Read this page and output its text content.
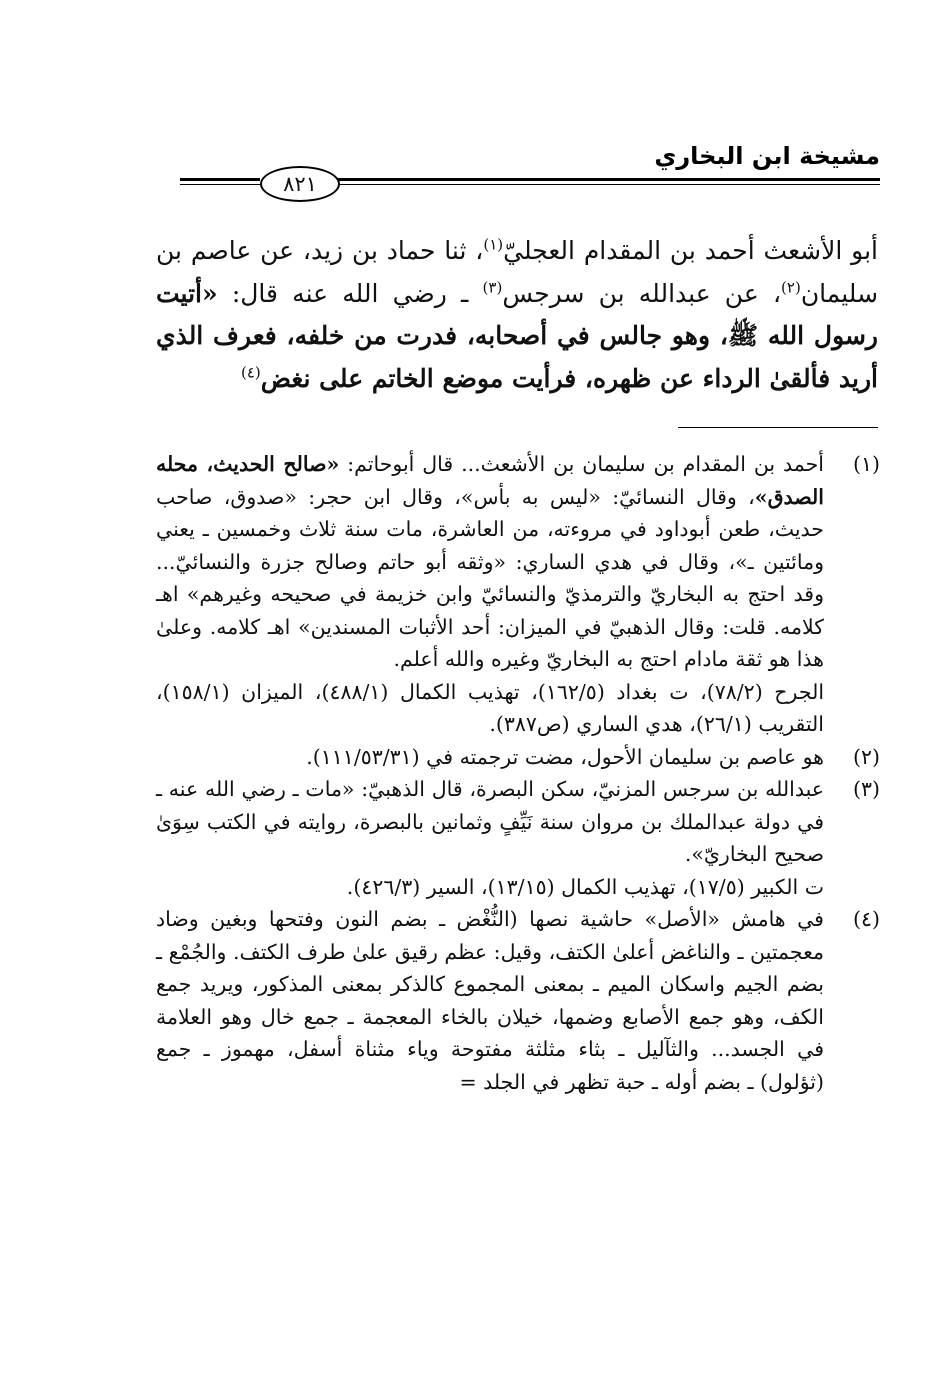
مشيخة ابن البخاري
٨٢١
أبو الأشعث أحمد بن المقدام العجليّ$^{(١)}$، ثنا حماد بن زيد، عن عاصم بن سليمان$^{(٢)}$، عن عبدالله بن سرجس$^{(٣)}$ ـ رضي الله عنه قال: «أتيت رسول الله ﷺ، وهو جالس في أصحابه، فدرت من خلفه، فعرف الذي أريد فألقىٰ الرداء عن ظهره، فرأيت موضع الخاتم على نغض$^{(٤)}$
(١)

أحمد بن المقدام بن سليمان بن الأشعث... قال أبوحاتم: «صالح الحديث، محله الصدق»، وقال النسائيّ: «ليس به بأس»، وقال ابن حجر: «صدوق، صاحب حديث، طعن أبوداود في مروءته، من العاشرة، مات سنة ثلاث وخمسين ـ يعني ومائتين ـ»، وقال في هدي الساري: «وثقه أبو حاتم وصالح جزرة والنسائيّ... وقد احتج به البخاريّ والترمذيّ والنسائيّ وابن خزيمة في صحيحه وغيرهم» اهـ كلامه. قلت: وقال الذهبيّ في الميزان: أحد الأثبات المسندين» اهـ كلامه. وعلىٰ هذا هو ثقة مادام احتج به البخاريّ وغيره والله أعلم.

الجرح (٧٨/٢)، ت بغداد (١٦٢/٥)، تهذيب الكمال (٤٨٨/١)، الميزان (١٥٨/١)، التقريب (٢٦/١)، هدي الساري (ص٣٨٧).

(٢)

هو عاصم بن سليمان الأحول، مضت ترجمته في (١١١/٥٣/٣١).

(٣)

عبدالله بن سرجس المزنيّ، سكن البصرة، قال الذهبيّ: «مات ـ رضي الله عنه ـ في دولة عبدالملك بن مروان سنة نَيِّفٍ وثمانين بالبصرة، روايته في الكتب سِوَىٰ صحيح البخاريّ».

ت الكبير (١٧/٥)، تهذيب الكمال (١٣/١٥)، السير (٤٢٦/٣).

(٤)

في هامش «الأصل» حاشية نصها (النُّغْض ـ بضم النون وفتحها وبغين وضاد معجمتين ـ والناغض أعلىٰ الكتف، وقيل: عظم رقيق علىٰ طرف الكتف. والجُمْع ـ بضم الجيم واسكان الميم ـ بمعنى المجموع كالذكر بمعنى المذكور، ويريد جمع الكف، وهو جمع الأصابع وضمها، خيلان بالخاء المعجمة ـ جمع خال وهو العلامة في الجسد... والثآليل ـ بثاء مثلثة مفتوحة وياء مثناة أسفل، مهموز ـ جمع (ثؤلول) ـ بضم أوله ـ حبة تظهر في الجلد =
